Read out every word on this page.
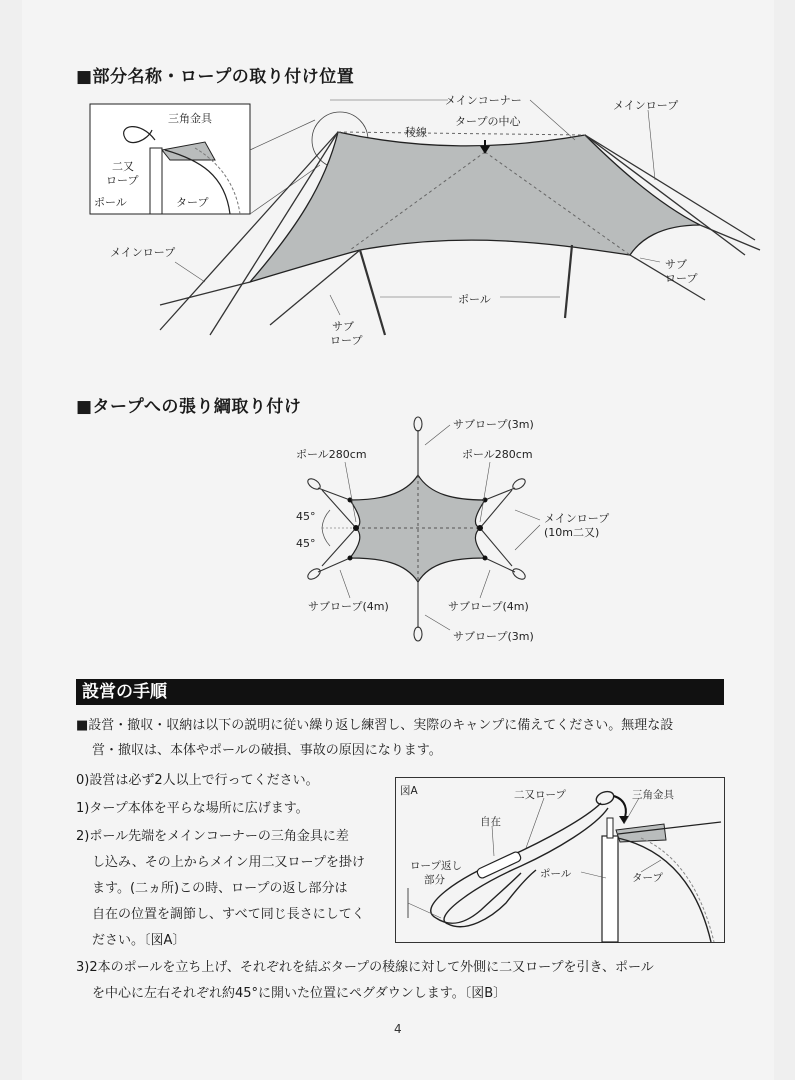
■部分名称・ロープの取り付け位置
メインコーナー
タープの中心
稜線
メインロープ
三角金具
二又
ロープ
ポール	タープ
メインロープ
サブ
ロープ
ポール
サブ
ロープ
■タープへの張り綱取り付け
サブロープ(3m)
ポール280cm	ポール280cm
45°
45°
メインロープ
(10m二又)
サブロープ(4m)	サブロープ(4m)
サブロープ(3m)
設営の手順
■設営・撤収・収納は以下の説明に従い繰り返し練習し、実際のキャンプに備えてください。無理な設
営・撤収は、本体やポールの破損、事故の原因になります。
0)設営は必ず2人以上で行ってください。
1)タープ本体を平らな場所に広げます。
2)ポール先端をメインコーナーの三角金具に差
し込み、その上からメイン用二又ロープを掛け
ます。(二ヵ所)この時、ロープの返し部分は
自在の位置を調節し、すべて同じ長さにしてく
ださい。〔図A〕
3)2本のポールを立ち上げ、それぞれを結ぶタープの稜線に対して外側に二又ロープを引き、ポール
を中心に左右それぞれ約45°に開いた位置にペグダウンします。〔図B〕
図A	二又ロープ	三角金具
自在
ロープ返し
部分	ポール	タープ
4
